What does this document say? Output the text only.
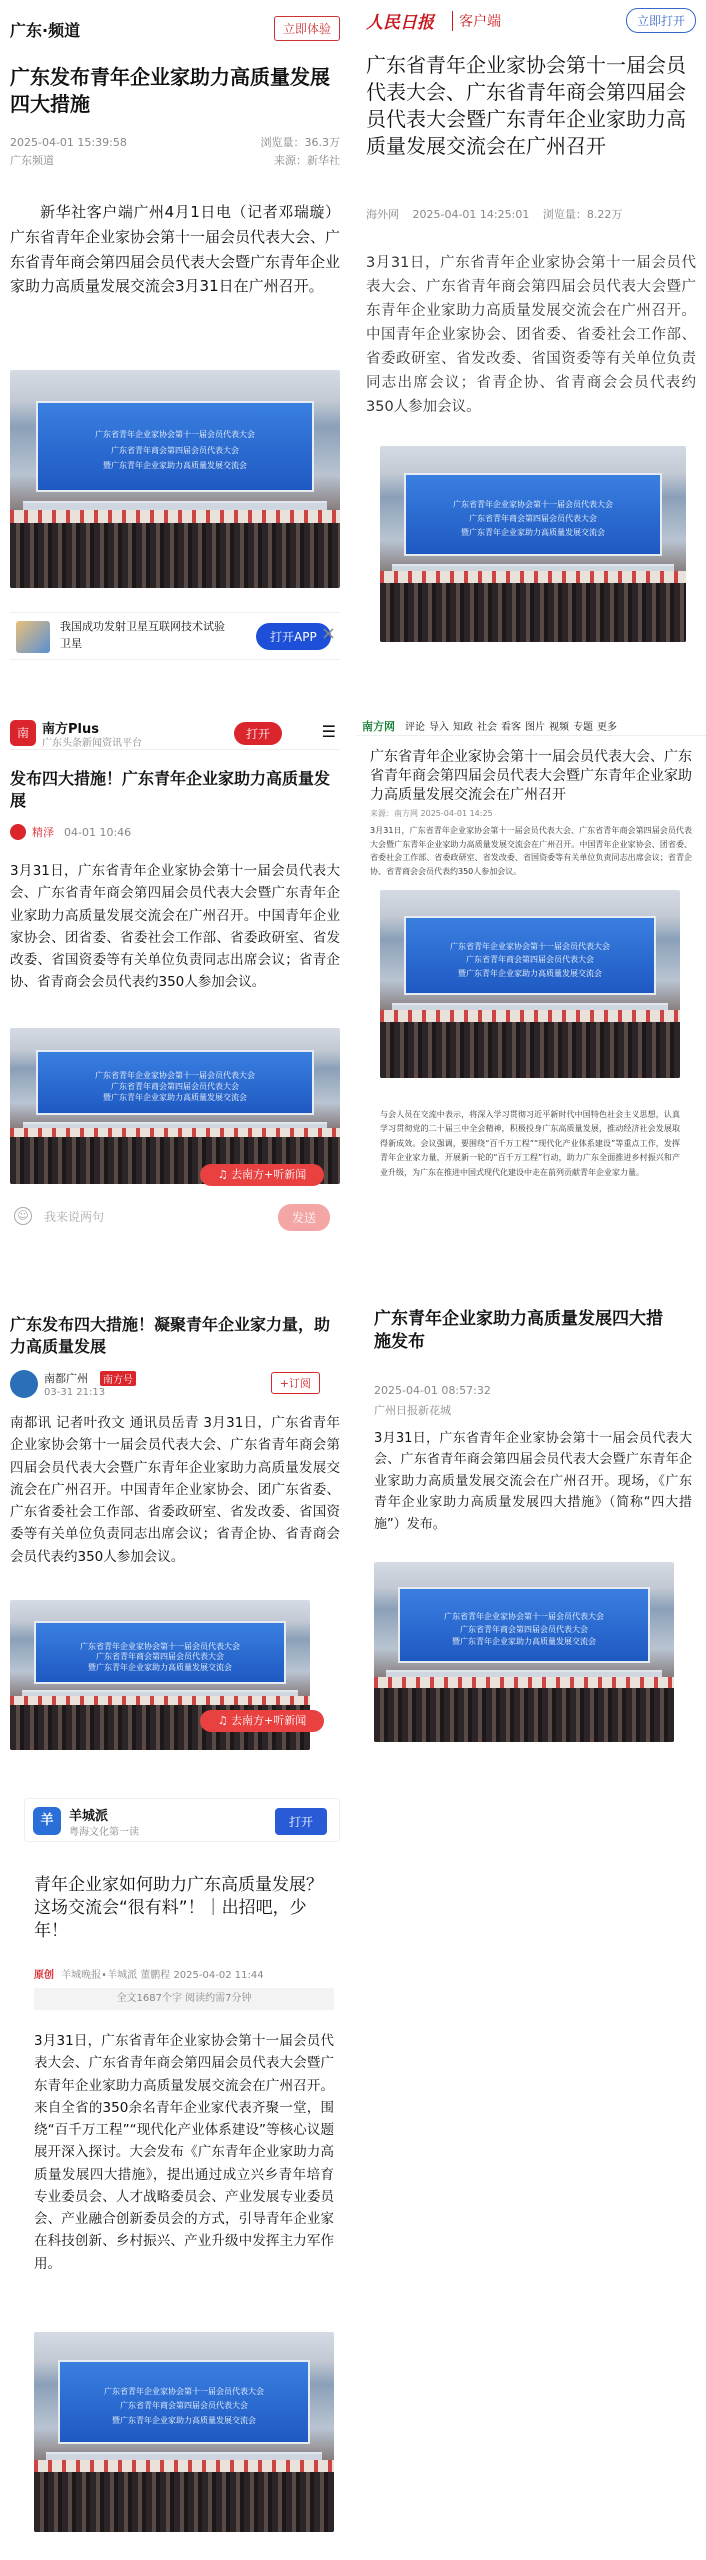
广东·频道	立即体验
广东发布青年企业家助力高质量发展四大措施
2025-04-01 15:39:58	浏览量：36.3万
广东频道	来源：新华社
新华社客户端广州4月1日电（记者邓瑞璇）广东省青年企业家协会第十一届会员代表大会、广东省青年商会第四届会员代表大会暨广东青年企业家助力高质量发展交流会3月31日在广州召开。
广东省青年企业家协会第十一届会员代表大会
广东省青年商会第四届会员代表大会
暨广东青年企业家助力高质量发展交流会
我国成功发射卫星互联网技术试验卫星	打开APP ×
人民日报	客户端	立即打开
广东省青年企业家协会第十一届会员代表大会、广东省青年商会第四届会员代表大会暨广东青年企业家助力高质量发展交流会在广州召开
海外网 2025-04-01 14:25:01 浏览量：8.22万
3月31日，广东省青年企业家协会第十一届会员代表大会、广东省青年商会第四届会员代表大会暨广东青年企业家助力高质量发展交流会在广州召开。中国青年企业家协会、团省委、省委社会工作部、省委政研室、省发改委、省国资委等有关单位负责同志出席会议；省青企协、省青商会会员代表约350人参加会议。
广东省青年企业家协会第十一届会员代表大会
广东省青年商会第四届会员代表大会
暨广东青年企业家助力高质量发展交流会
南	南方Plus
广东头条新闻资讯平台
打开	☰
发布四大措施！广东青年企业家助力高质量发展
精泽 04-01 10:46
3月31日，广东省青年企业家协会第十一届会员代表大会、广东省青年商会第四届会员代表大会暨广东青年企业家助力高质量发展交流会在广州召开。中国青年企业家协会、团省委、省委社会工作部、省委政研室、省发改委、省国资委等有关单位负责同志出席会议；省青企协、省青商会会员代表约350人参加会议。
广东省青年企业家协会第十一届会员代表大会
广东省青年商会第四届会员代表大会
暨广东青年企业家助力高质量发展交流会
♫ 去南方+听新闻
☺	我来说两句	发送
南方网 评论 导入 知政 社会 看客 图片 视频 专题 更多
广东省青年企业家协会第十一届会员代表大会、广东省青年商会第四届会员代表大会暨广东青年企业家助力高质量发展交流会在广州召开
来源：南方网 2025-04-01 14:25
3月31日，广东省青年企业家协会第十一届会员代表大会、广东省青年商会第四届会员代表大会暨广东青年企业家助力高质量发展交流会在广州召开。中国青年企业家协会、团省委、省委社会工作部、省委政研室、省发改委、省国资委等有关单位负责同志出席会议；省青企协、省青商会会员代表约350人参加会议。
广东省青年企业家协会第十一届会员代表大会
广东省青年商会第四届会员代表大会
暨广东青年企业家助力高质量发展交流会
与会人员在交流中表示，将深入学习贯彻习近平新时代中国特色社会主义思想，认真学习贯彻党的二十届三中全会精神，积极投身广东高质量发展，推动经济社会发展取得新成效。会议强调，要围绕“百千万工程”“现代化产业体系建设”等重点工作，发挥青年企业家力量，开展新一轮的“百千万工程”行动，助力广东全面推进乡村振兴和产业升级，为广东在推进中国式现代化建设中走在前列贡献青年企业家力量。
广东发布四大措施！凝聚青年企业家力量，助力高质量发展
南都广州	南方号
03-31 21:13
+订阅
南都讯 记者叶孜文 通讯员岳青 3月31日，广东省青年企业家协会第十一届会员代表大会、广东省青年商会第四届会员代表大会暨广东青年企业家助力高质量发展交流会在广州召开。中国青年企业家协会、团广东省委、广东省委社会工作部、省委政研室、省发改委、省国资委等有关单位负责同志出席会议；省青企协、省青商会会员代表约350人参加会议。
广东省青年企业家协会第十一届会员代表大会
广东省青年商会第四届会员代表大会
暨广东青年企业家助力高质量发展交流会
♫ 去南方+听新闻
广东青年企业家助力高质量发展四大措施发布
2025-04-01 08:57:32
广州日报新花城
3月31日，广东省青年企业家协会第十一届会员代表大会、广东省青年商会第四届会员代表大会暨广东青年企业家助力高质量发展交流会在广州召开。现场，《广东青年企业家助力高质量发展四大措施》（简称“四大措施”）发布。
广东省青年企业家协会第十一届会员代表大会
广东省青年商会第四届会员代表大会
暨广东青年企业家助力高质量发展交流会
羊	羊城派
粤海文化第一读
打开
青年企业家如何助力广东高质量发展？这场交流会“很有料”！｜出招吧，少年！
原创 羊城晚报•羊城派 董鹏程 2025-04-02 11:44
全文1687个字 阅读约需7分钟
3月31日，广东省青年企业家协会第十一届会员代表大会、广东省青年商会第四届会员代表大会暨广东青年企业家助力高质量发展交流会在广州召开。来自全省的350余名青年企业家代表齐聚一堂，围绕“百千万工程”“现代化产业体系建设”等核心议题展开深入探讨。大会发布《广东青年企业家助力高质量发展四大措施》，提出通过成立兴乡青年培育专业委员会、人才战略委员会、产业发展专业委员会、产业融合创新委员会的方式，引导青年企业家在科技创新、乡村振兴、产业升级中发挥主力军作用。
广东省青年企业家协会第十一届会员代表大会
广东省青年商会第四届会员代表大会
暨广东青年企业家助力高质量发展交流会
